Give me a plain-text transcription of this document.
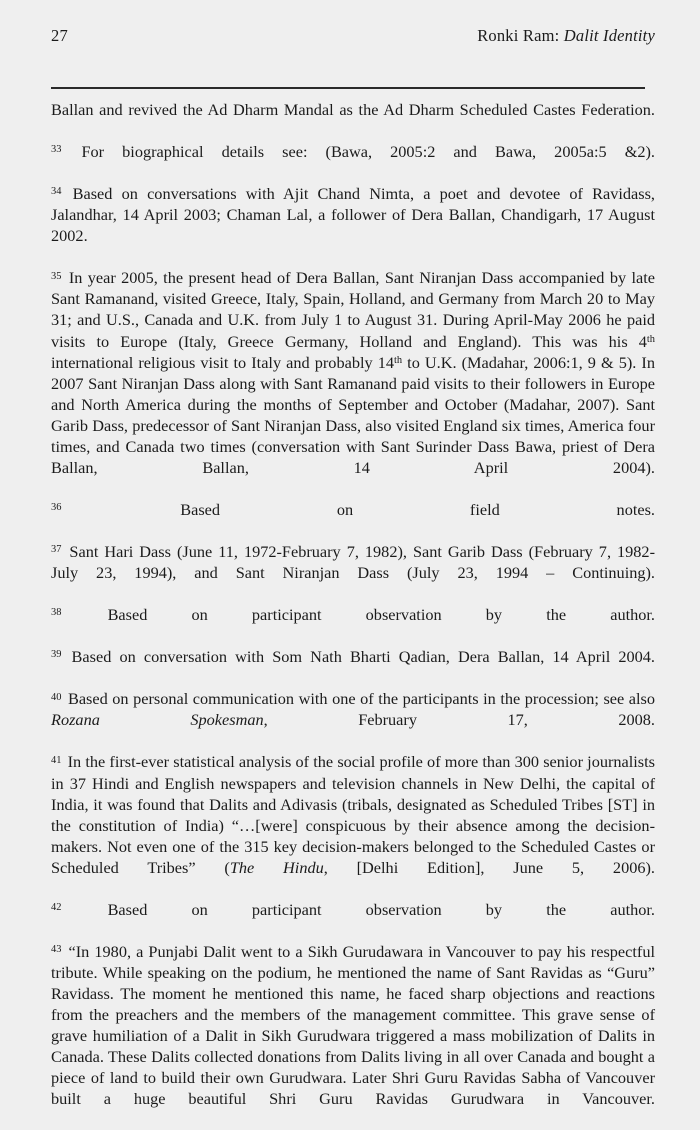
27	Ronki Ram: Dalit Identity

Ballan and revived the Ad Dharm Mandal as the Ad Dharm Scheduled Castes Federation.

$^{33}$ For biographical details see: (Bawa, 2005:2 and Bawa, 2005a:5 &2).

$^{34}$ Based on conversations with Ajit Chand Nimta, a poet and devotee of Ravidass, Jalandhar, 14 April 2003; Chaman Lal, a follower of Dera Ballan, Chandigarh, 17 August 2002.

$^{35}$ In year 2005, the present head of Dera Ballan, Sant Niranjan Dass accompanied by late Sant Ramanand, visited Greece, Italy, Spain, Holland, and Germany from March 20 to May 31; and U.S., Canada and U.K. from July 1 to August 31. During April-May 2006 he paid visits to Europe (Italy, Greece Germany, Holland and England). This was his 4th international religious visit to Italy and probably 14th to U.K. (Madahar, 2006:1, 9 & 5). In 2007 Sant Niranjan Dass along with Sant Ramanand paid visits to their followers in Europe and North America during the months of September and October (Madahar, 2007). Sant Garib Dass, predecessor of Sant Niranjan Dass, also visited England six times, America four times, and Canada two times (conversation with Sant Surinder Dass Bawa, priest of Dera Ballan, Ballan, 14 April 2004).

$^{36}$	Based on field notes.

$^{37}$ Sant Hari Dass (June 11, 1972-February 7, 1982), Sant Garib Dass (February 7, 1982-July 23, 1994), and Sant Niranjan Dass (July 23, 1994 – Continuing).

$^{38}$	Based on participant observation by the author.

$^{39}$ Based on conversation with Som Nath Bharti Qadian, Dera Ballan, 14 April 2004.

$^{40}$ Based on personal communication with one of the participants in the procession; see also Rozana Spokesman, February 17, 2008.

$^{41}$ In the first-ever statistical analysis of the social profile of more than 300 senior journalists in 37 Hindi and English newspapers and television channels in New Delhi, the capital of India, it was found that Dalits and Adivasis (tribals, designated as Scheduled Tribes [ST] in the constitution of India) “…[were] conspicuous by their absence among the decision-makers. Not even one of the 315 key decision-makers belonged to the Scheduled Castes or Scheduled Tribes” (The Hindu, [Delhi Edition], June 5, 2006).

$^{42}$	Based on participant observation by the author.

$^{43}$ “In 1980, a Punjabi Dalit went to a Sikh Gurudawara in Vancouver to pay his respectful tribute. While speaking on the podium, he mentioned the name of Sant Ravidas as “Guru” Ravidass. The moment he mentioned this name, he faced sharp objections and reactions from the preachers and the members of the management committee. This grave sense of grave humiliation of a Dalit in Sikh Gurudwara triggered a mass mobilization of Dalits in Canada. These Dalits collected donations from Dalits living in all over Canada and bought a piece of land to build their own Gurudwara. Later Shri Guru Ravidas Sabha of Vancouver built a huge beautiful Shri Guru Ravidas Gurudwara in Vancouver.
